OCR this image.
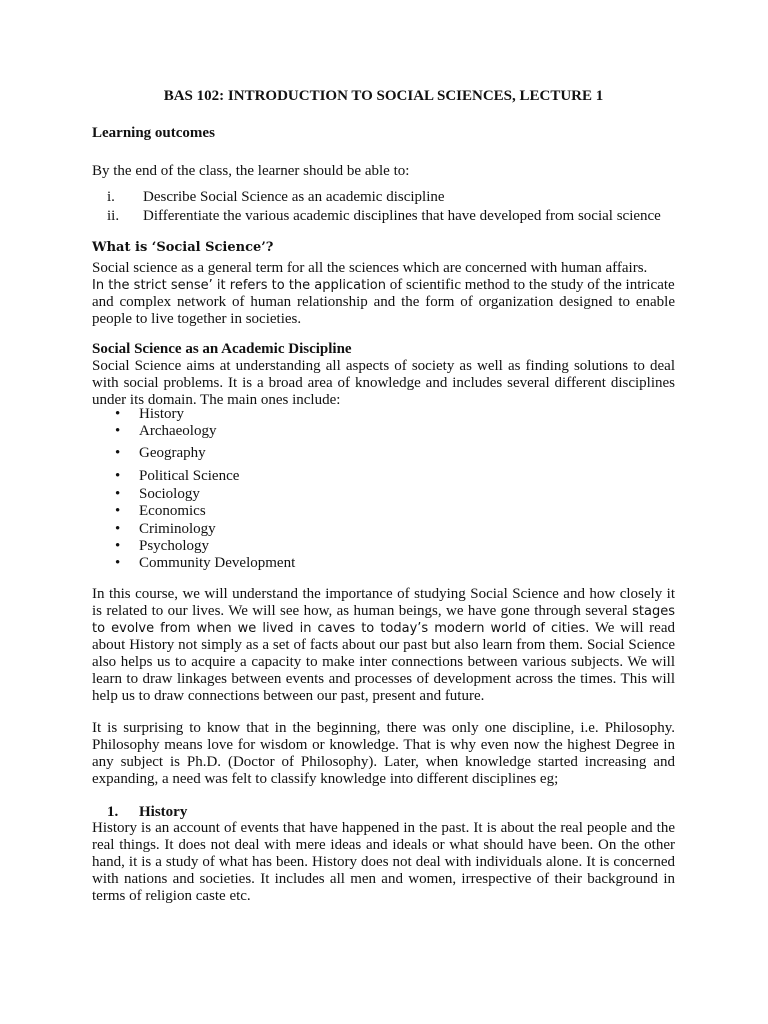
BAS 102: INTRODUCTION TO SOCIAL SCIENCES, LECTURE 1
Learning outcomes
By the end of the class, the learner should be able to:
i. Describe Social Science as an academic discipline
ii. Differentiate the various academic disciplines that have developed from social science
What is ‘Social Science’?
Social science as a general term for all the sciences which are concerned with human affairs.
In the strict sense’ it refers to the application of scientific method to the study of the intricate
and complex network of human relationship and the form of organization designed to enable people to live together in societies.
Social Science as an Academic Discipline
Social Science aims at understanding all aspects of society as well as finding solutions to deal with social problems. It is a broad area of knowledge and includes several different disciplines under its domain. The main ones include:
• History
• Archaeology
• Geography
• Political Science
• Sociology
• Economics
• Criminology
• Psychology
• Community Development
In this course, we will understand the importance of studying Social Science and how closely it is related to our lives. We will see how, as human beings, we have gone through several stages to evolve from when we lived in caves to today’s modern world of cities. We will read about History not simply as a set of facts about our past but also learn from them. Social Science also helps us to acquire a capacity to make inter connections between various subjects. We will learn to draw linkages between events and processes of development across the times. This will help us to draw connections between our past, present and future.
It is surprising to know that in the beginning, there was only one discipline, i.e. Philosophy. Philosophy means love for wisdom or knowledge. That is why even now the highest Degree in any subject is Ph.D. (Doctor of Philosophy). Later, when knowledge started increasing and expanding, a need was felt to classify knowledge into different disciplines eg;
1. History
History is an account of events that have happened in the past. It is about the real people and the real things. It does not deal with mere ideas and ideals or what should have been. On the other hand, it is a study of what has been. History does not deal with individuals alone. It is concerned with nations and societies. It includes all men and women, irrespective of their background in terms of religion caste etc.
